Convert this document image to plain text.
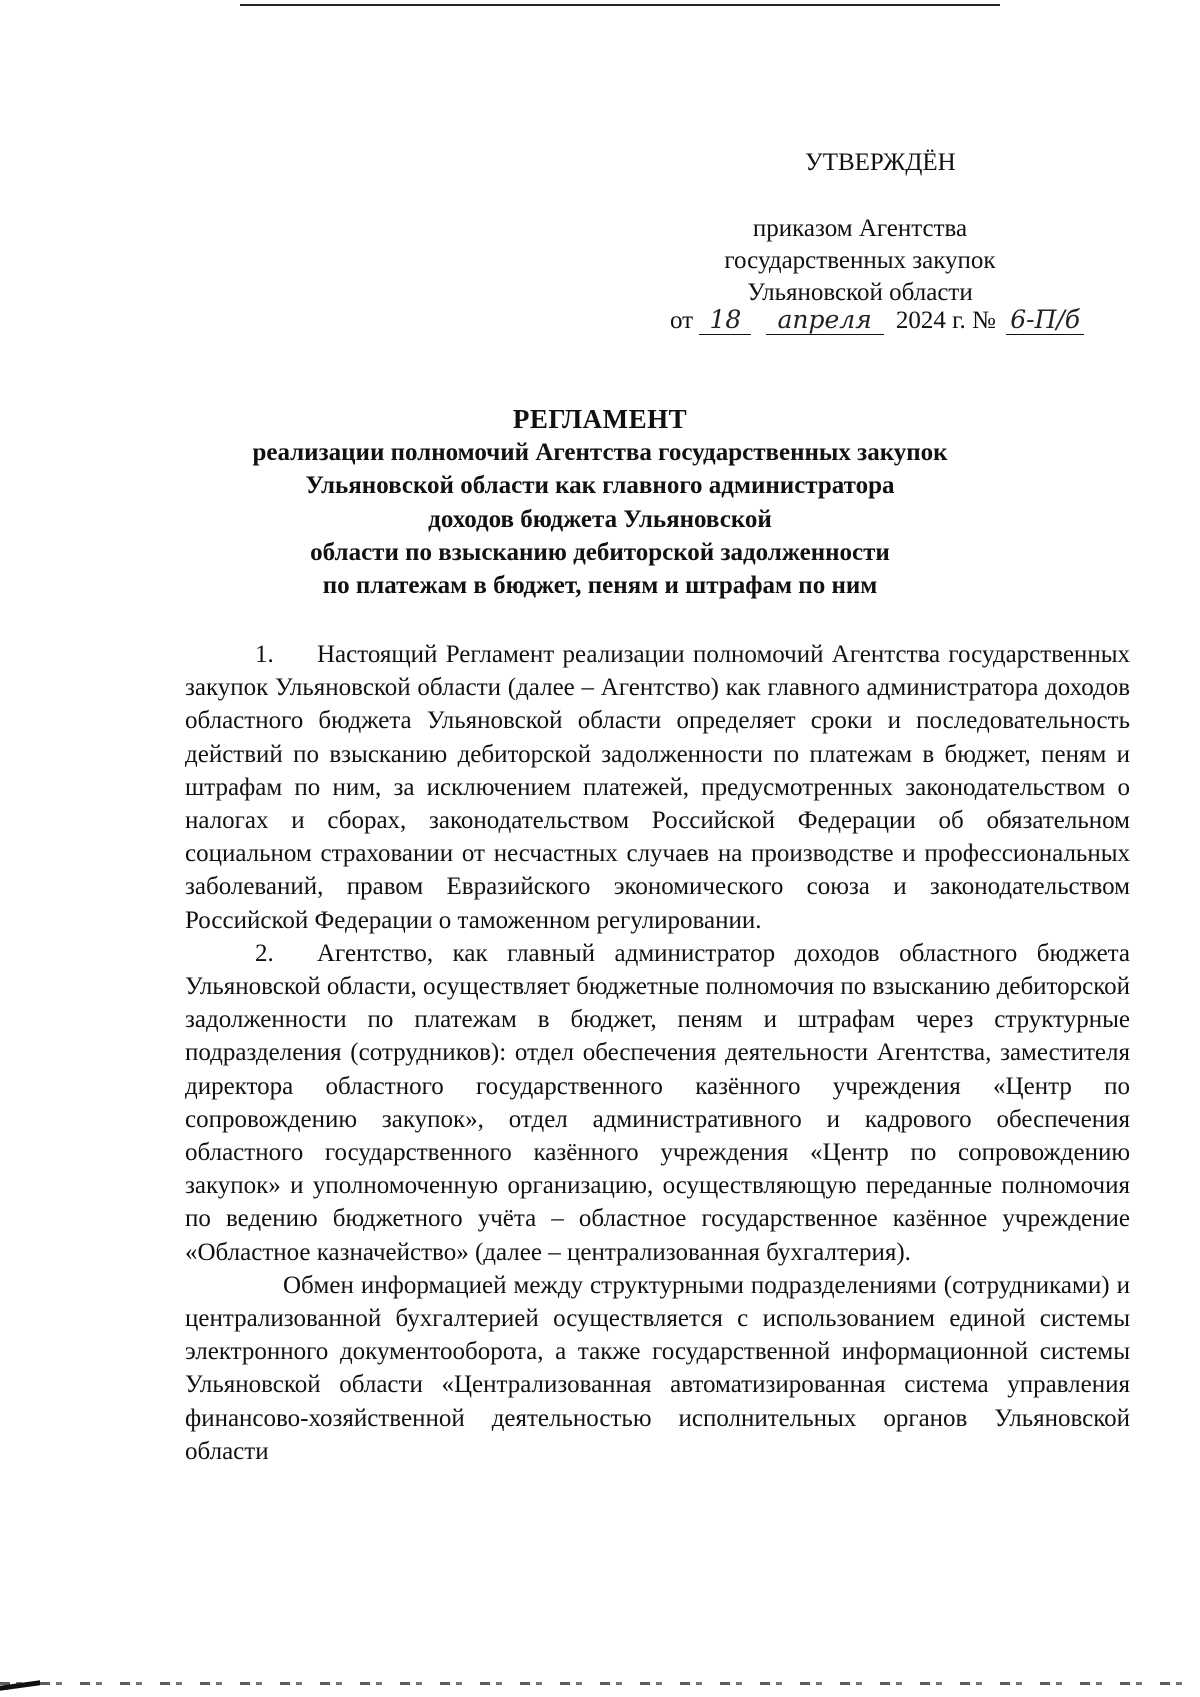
УТВЕРЖДЁН
приказом Агентства
государственных закупок
Ульяновской области
от 18 апреля 2024 г. № 6-П/б
РЕГЛАМЕНТ
реализации полномочий Агентства государственных закупок
Ульяновской области как главного администратора
доходов бюджета Ульяновской
области по взысканию дебиторской задолженности
по платежам в бюджет, пеням и штрафам по ним

1. Настоящий Регламент реализации полномочий Агентства государственных закупок Ульяновской области (далее – Агентство) как главного администратора доходов областного бюджета Ульяновской области определяет сроки и последовательность действий по взысканию дебиторской задолженности по платежам в бюджет, пеням и штрафам по ним, за исключением платежей, предусмотренных законодательством о налогах и сборах, законодательством Российской Федерации об обязательном социальном страховании от несчастных случаев на производстве и профессиональных заболеваний, правом Евразийского экономического союза и законодательством Российской Федерации о таможенном регулировании.

2. Агентство, как главный администратор доходов областного бюджета Ульяновской области, осуществляет бюджетные полномочия по взысканию дебиторской задолженности по платежам в бюджет, пеням и штрафам через структурные подразделения (сотрудников): отдел обеспечения деятельности Агентства, заместителя директора областного государственного казённого учреждения «Центр по сопровождению закупок», отдел административного и кадрового обеспечения областного государственного казённого учреждения «Центр по сопровождению закупок» и уполномоченную организацию, осуществляющую переданные полномочия по ведению бюджетного учёта – областное государственное казённое учреждение «Областное казначейство» (далее – централизованная бухгалтерия).

Обмен информацией между структурными подразделениями (сотрудниками) и централизованной бухгалтерией осуществляется с использованием единой системы электронного документооборота, а также государственной информационной системы Ульяновской области «Централизованная автоматизированная система управления финансово-хозяйственной деятельностью исполнительных органов Ульяновской области
